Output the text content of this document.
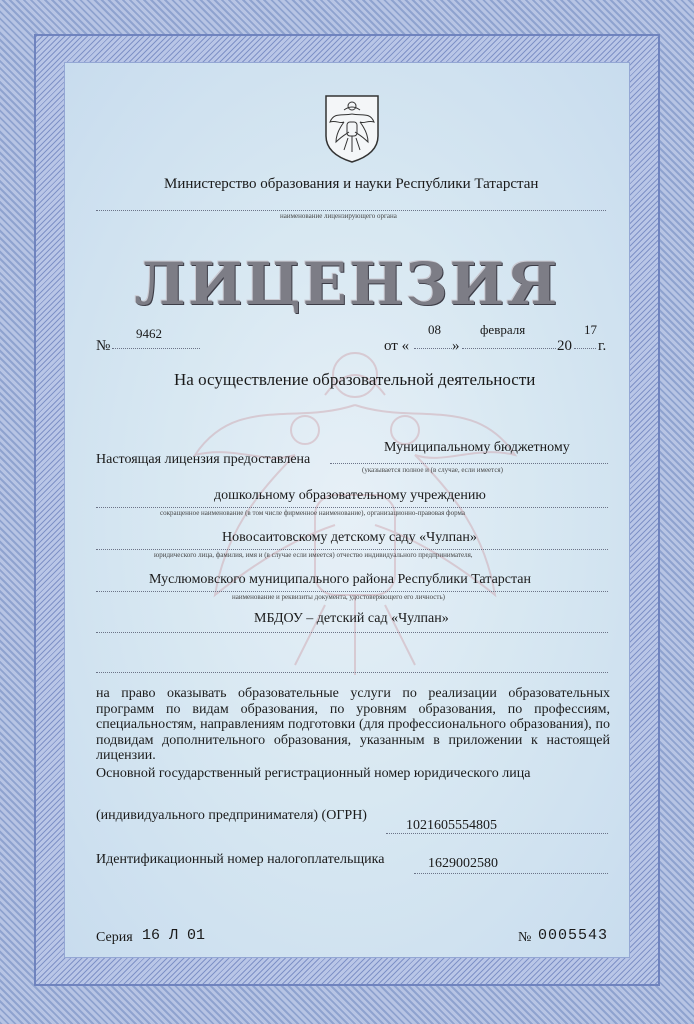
Министерство образования и науки Республики Татарстан
наименование лицензирующего органа
ЛИЦЕНЗИЯ
№
9462
от «
08
»
февраля
20
17
г.
На осуществление образовательной деятельности
Настоящая лицензия предоставлена
Муниципальному бюджетному
(указывается полное и (в случае, если имеется)
дошкольному образовательному учреждению
сокращенное наименование (в том числе фирменное наименование), организационно-правовая форма
Новосаитовскому детскому саду «Чулпан»
юридического лица, фамилия, имя и (в случае если имеется) отчество индивидуального предпринимателя,
Муслюмовского муниципального района Республики Татарстан
наименование и реквизиты документа, удостоверяющего его личность)
МБДОУ – детский сад «Чулпан»
на право оказывать образовательные услуги по реализации образовательных программ по видам образования, по уровням образования, по профессиям, специальностям, направлениям подготовки (для профессионального образования), по подвидам дополнительного образования, указанным в приложении к настоящей лицензии.
Основной государственный регистрационный номер юридического лица
(индивидуального предпринимателя) (ОГРН)
1021605554805
Идентификационный номер налогоплательщика	1629002580
Серия 16 Л 01	№ 0005543
